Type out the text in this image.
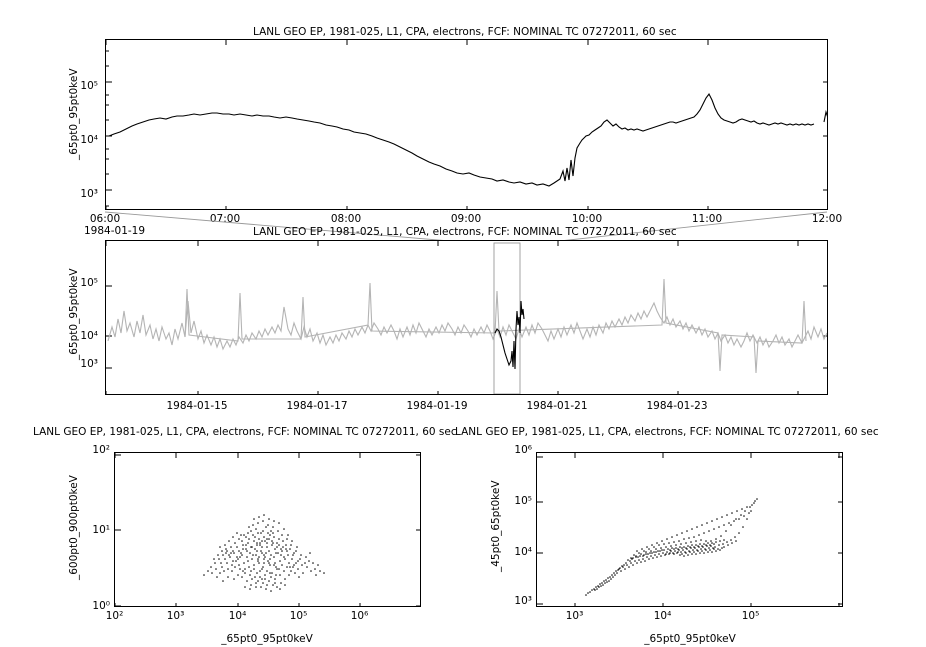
LANL GEO EP, 1981-025, L1, CPA, electrons, FCF: NOMINAL TC 07272011, 60 sec
_65pt0_95pt0keV 10⁵
10⁴
10³
06:00	07:00	08:00	09:00	10:00	11:00	12:00
1984-01-19	LANL GEO EP, 1981-025, L1, CPA, electrons, FCF: NOMINAL TC 07272011, 60 sec
_65pt0_95pt0keV 10⁵
10⁴
10³
1984-01-15	1984-01-17	1984-01-19	1984-01-21	1984-01-23
LANL GEO EP, 1981-025, L1, CPA, electrons, FCF: NOMINAL TC 07272011, 60 sec
_600pt0_900pt0keV
10²
10¹
10⁰
10²	10³	10⁴	10⁵	10⁶
_65pt0_95pt0keV
LANL GEO EP, 1981-025, L1, CPA, electrons, FCF: NOMINAL TC 07272011, 60 sec
_45pt0_65pt0keV
10⁶
10⁵
10⁴
10³
10³	10⁴	10⁵
_65pt0_95pt0keV
